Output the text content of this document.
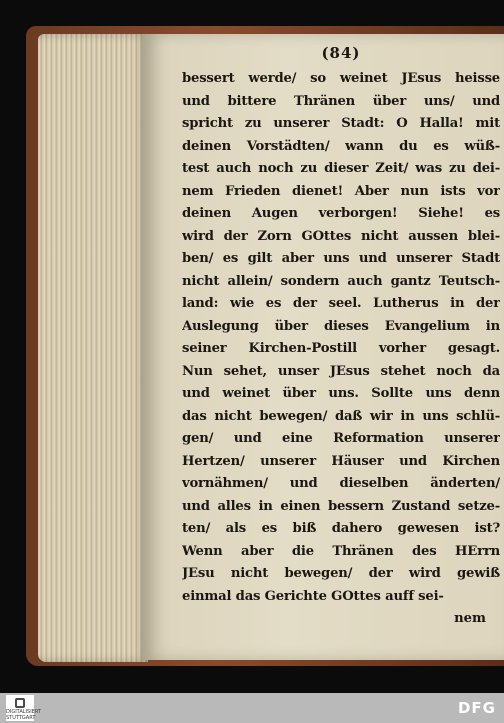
(84)
bessert werde/ so weinet JEsus heisse
und bittere Thränen über uns/ und
spricht zu unserer Stadt: O Halla! mit
deinen Vorstädten/ wann du es wüß-
test auch noch zu dieser Zeit/ was zu dei-
nem Frieden dienet! Aber nun ists vor
deinen Augen verborgen! Siehe! es
wird der Zorn GOttes nicht aussen blei-
ben/ es gilt aber uns und unserer Stadt
nicht allein/ sondern auch gantz Teutsch-
land: wie es der seel. Lutherus in der
Auslegung über dieses Evangelium in
seiner Kirchen-Postill vorher gesagt.
Nun sehet, unser JEsus stehet noch da
und weinet über uns. Sollte uns denn
das nicht bewegen/ daß wir in uns schlü-
gen/ und eine Reformation unserer
Hertzen/ unserer Häuser und Kirchen
vornähmen/ und dieselben änderten/
und alles in einen bessern Zustand setze-
ten/ als es biß dahero gewesen ist?
Wenn aber die Thränen des HErrn
JEsu nicht bewegen/ der wird gewiß
einmal das Gerichte GOttes auff sei-
nem
DIGITALISIERT STUTTGART
DFG
